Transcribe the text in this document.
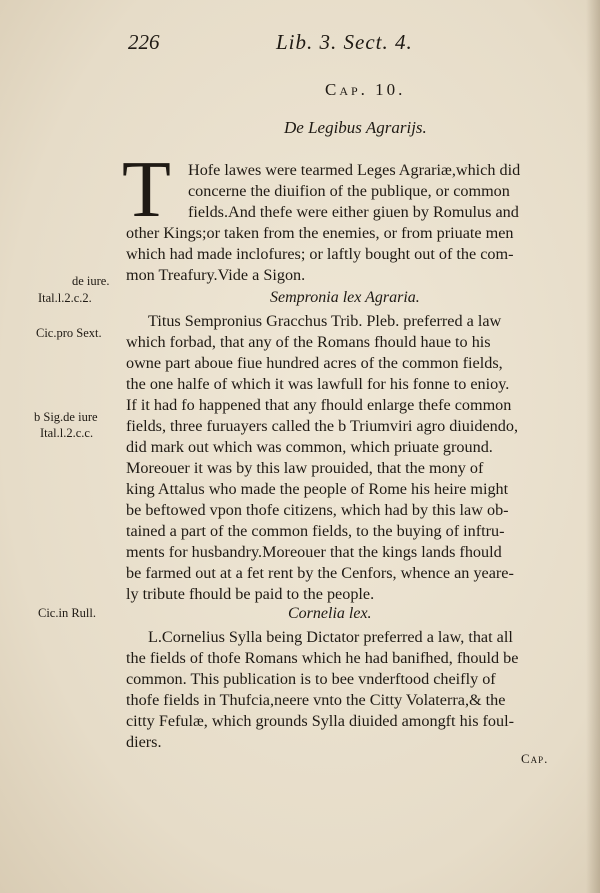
226	Lib. 3. Sect. 4.
Cap. 10.
De Legibus Agrarijs.
T Hofe lawes were tearmed Leges Agrariæ,which did
concerne the diuifion of the publique, or common
fields.And thefe were either giuen by Romulus and
other Kings;or taken from the enemies, or from priuate men
which had made inclofures; or laftly bought out of the com-
mon Treafury.Vide a Sigon.
Sempronia lex Agraria.
Titus Sempronius Gracchus Trib. Pleb. preferred a law
which forbad, that any of the Romans fhould haue to his
owne part aboue fiue hundred acres of the common fields,
the one halfe of which it was lawfull for his fonne to enioy.
If it had fo happened that any fhould enlarge thefe common
fields, three furuayers called the b Triumviri agro diuidendo,
did mark out which was common, which priuate ground.
Moreouer it was by this law prouided, that the mony of
king Attalus who made the people of Rome his heire might
be beftowed vpon thofe citizens, which had by this law ob-
tained a part of the common fields, to the buying of inftru-
ments for husbandry.Moreouer that the kings lands fhould
be farmed out at a fet rent by the Cenfors, whence an yeare-
ly tribute fhould be paid to the people.
Cornelia lex.
L.Cornelius Sylla being Dictator preferred a law, that all
the fields of thofe Romans which he had banifhed, fhould be
common. This publication is to bee vnderftood cheifly of
thofe fields in Thufcia,neere vnto the Citty Volaterra,& the
citty Fefulæ, which grounds Sylla diuided amongft his foul-
diers.
de iure.
Ital.l.2.c.2.
Cic.pro Sext.
b Sig.de iure
Ital.l.2.c.c.
Cic.in Rull.
Cap.
